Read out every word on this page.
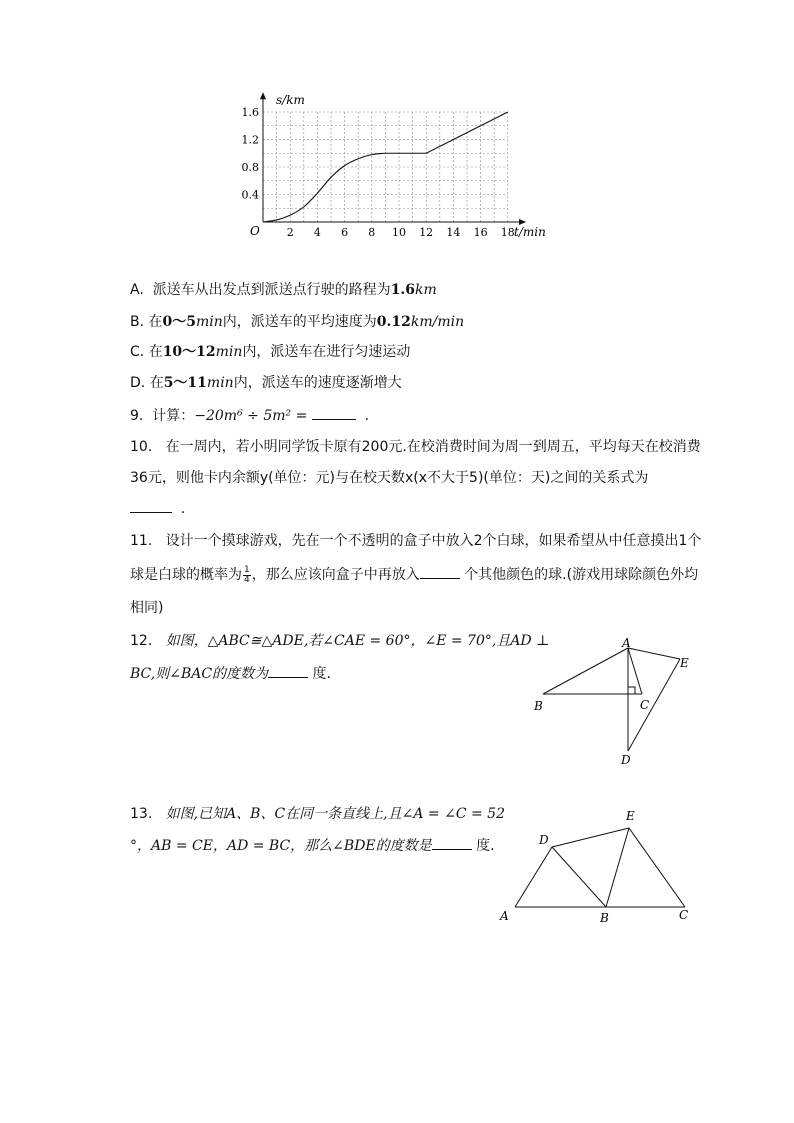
2 4 6 8 10 12 14 16 18
0.4
0.8
1.2
1.6
s/km
t/min
O
A. 派送车从出发点到派送点行驶的路程为1.6km
B. 在0～5min内，派送车的平均速度为0.12km/min
C. 在10～12min内，派送车在进行匀速运动
D. 在5～11min内，派送车的速度逐渐增大
9. 计算：−20m⁶ ÷ 5m² =	.
10. 在一周内，若小明同学饭卡原有200元.在校消费时间为周一到周五，平均每天在校消费
36元，则他卡内余额y(单位：元)与在校天数x(x不大于5)(单位：天)之间的关系式为
.
11. 设计一个摸球游戏，先在一个不透明的盒子中放入2个白球，如果希望从中任意摸出1个
球是白球的概率为 $\frac{1}{4}$ ，那么应该向盒子中再放入	个其他颜色的球.(游戏用球除颜色外均
相同)
12. 如图，△ABC≅△ADE,若∠CAE = 60°，∠E = 70°,且AD ⊥
BC,则∠BAC的度数为	度.
A
B	C
D
E
13. 如图,已知A、B、C在同一条直线上,且∠A = ∠C = 52
°，AB = CE，AD = BC，那么∠BDE的度数是	度.
A	B	C
D
E
